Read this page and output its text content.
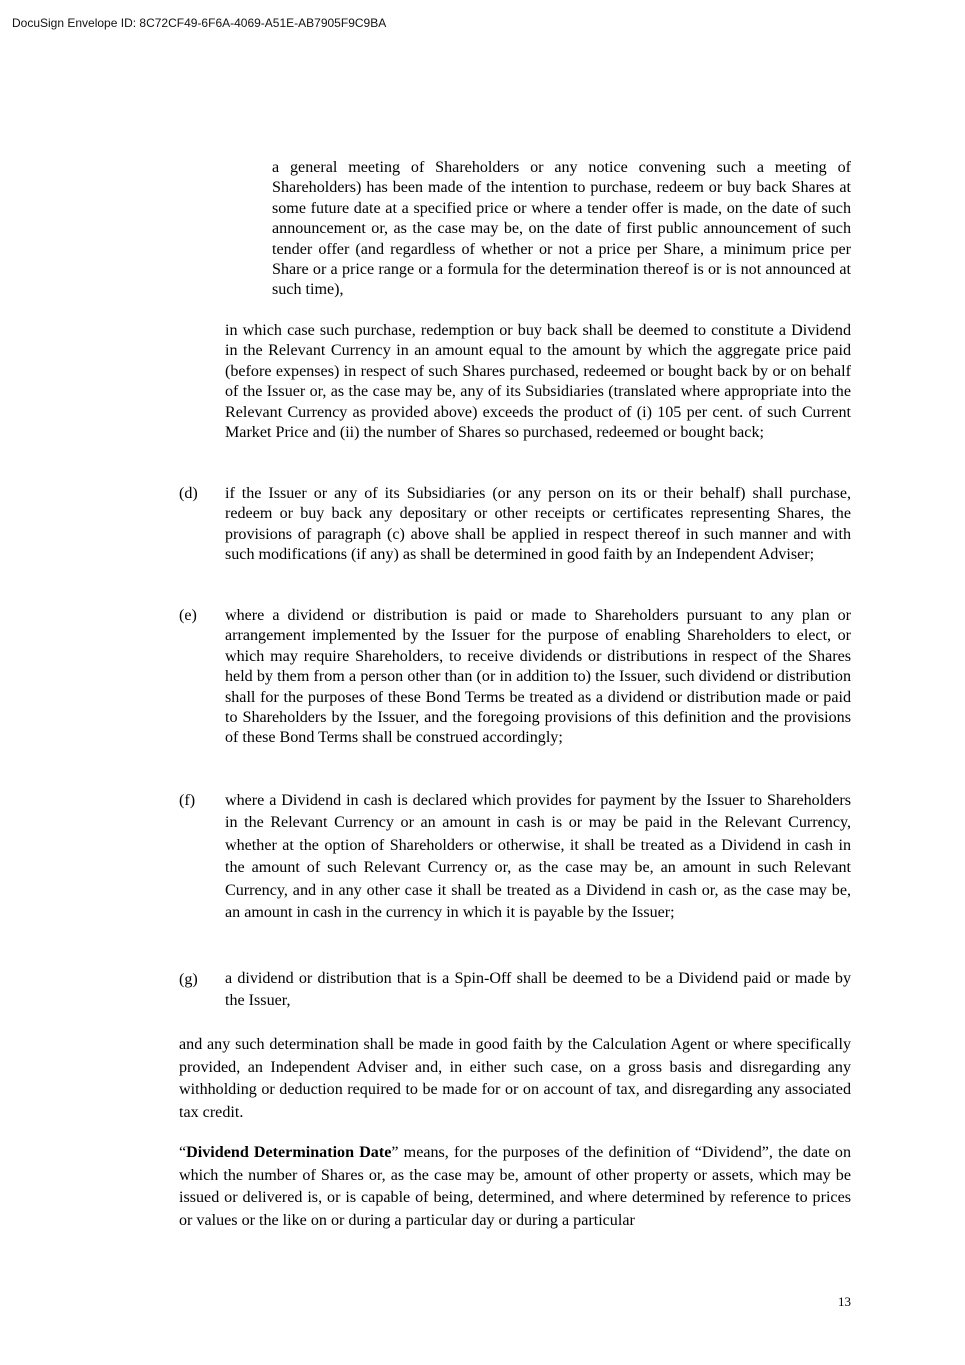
DocuSign Envelope ID: 8C72CF49-6F6A-4069-A51E-AB7905F9C9BA

a general meeting of Shareholders or any notice convening such a meeting of Shareholders) has been made of the intention to purchase, redeem or buy back Shares at some future date at a specified price or where a tender offer is made, on the date of such announcement or, as the case may be, on the date of first public announcement of such tender offer (and regardless of whether or not a price per Share, a minimum price per Share or a price range or a formula for the determination thereof is or is not announced at such time),

in which case such purchase, redemption or buy back shall be deemed to constitute a Dividend in the Relevant Currency in an amount equal to the amount by which the aggregate price paid (before expenses) in respect of such Shares purchased, redeemed or bought back by or on behalf of the Issuer or, as the case may be, any of its Subsidiaries (translated where appropriate into the Relevant Currency as provided above) exceeds the product of (i) 105 per cent. of such Current Market Price and (ii) the number of Shares so purchased, redeemed or bought back;

(d) if the Issuer or any of its Subsidiaries (or any person on its or their behalf) shall purchase, redeem or buy back any depositary or other receipts or certificates representing Shares, the provisions of paragraph (c) above shall be applied in respect thereof in such manner and with such modifications (if any) as shall be determined in good faith by an Independent Adviser;

(e) where a dividend or distribution is paid or made to Shareholders pursuant to any plan or arrangement implemented by the Issuer for the purpose of enabling Shareholders to elect, or which may require Shareholders, to receive dividends or distributions in respect of the Shares held by them from a person other than (or in addition to) the Issuer, such dividend or distribution shall for the purposes of these Bond Terms be treated as a dividend or distribution made or paid to Shareholders by the Issuer, and the foregoing provisions of this definition and the provisions of these Bond Terms shall be construed accordingly;

(f) where a Dividend in cash is declared which provides for payment by the Issuer to Shareholders in the Relevant Currency or an amount in cash is or may be paid in the Relevant Currency, whether at the option of Shareholders or otherwise, it shall be treated as a Dividend in cash in the amount of such Relevant Currency or, as the case may be, an amount in such Relevant Currency, and in any other case it shall be treated as a Dividend in cash or, as the case may be, an amount in cash in the currency in which it is payable by the Issuer;

(g) a dividend or distribution that is a Spin-Off shall be deemed to be a Dividend paid or made by the Issuer,

and any such determination shall be made in good faith by the Calculation Agent or where specifically provided, an Independent Adviser and, in either such case, on a gross basis and disregarding any withholding or deduction required to be made for or on account of tax, and disregarding any associated tax credit.

“Dividend Determination Date” means, for the purposes of the definition of “Dividend”, the date on which the number of Shares or, as the case may be, amount of other property or assets, which may be issued or delivered is, or is capable of being, determined, and where determined by reference to prices or values or the like on or during a particular day or during a particular

13
